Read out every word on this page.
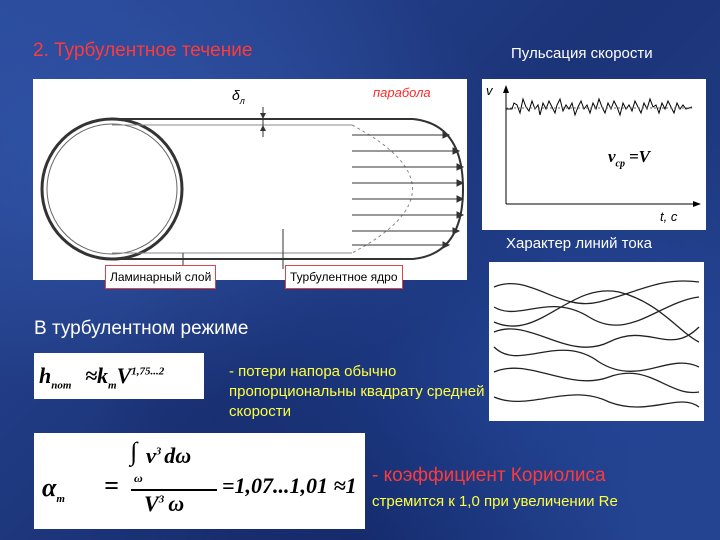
2. Турбулентное течение
$\delta_л$
парабола
Ламинарный слой	Турбулентное ядро
Пульсация скорости
v
t, c
$v_{ср} =V$
Характер линий тока
В турбулентном режиме
$h_{пот} \approx k_тV^{1,75...2}$	- потери напора обычно пропорциональны квадрату средней скорости
$\alpha_т$ =
∫ $v^3$ dω
ω
$V^3$ ω
=1,07...1,01 ≈1 - коэффициент Кориолиса
стремится к 1,0 при увеличении Re
